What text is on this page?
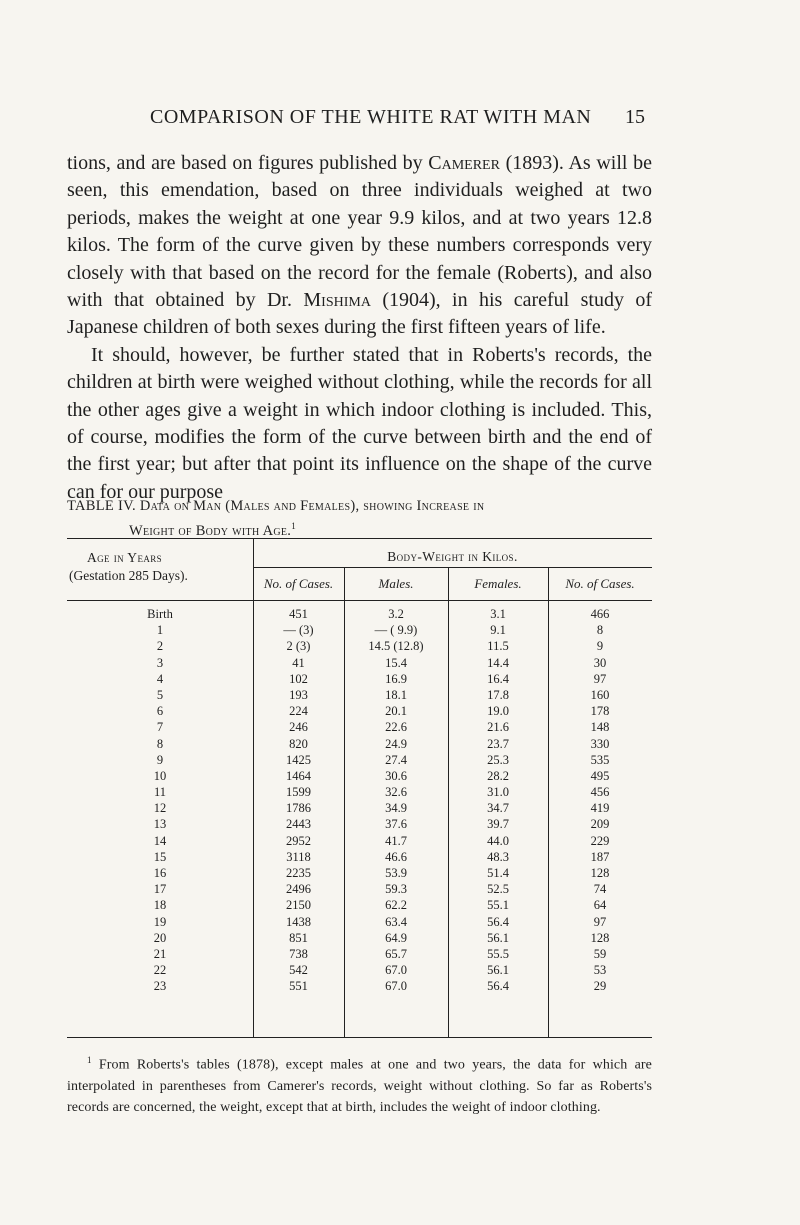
COMPARISON OF THE WHITE RAT WITH MAN 15

tions, and are based on figures published by Camerer (1893). As will be seen, this emendation, based on three individuals weighed at two periods, makes the weight at one year 9.9 kilos, and at two years 12.8 kilos. The form of the curve given by these numbers corresponds very closely with that based on the record for the female (Roberts), and also with that obtained by Dr. Mishima (1904), in his careful study of Japanese children of both sexes during the first fifteen years of life.

It should, however, be further stated that in Roberts's records, the children at birth were weighed without clothing, while the records for all the other ages give a weight in which indoor clothing is included. This, of course, modifies the form of the curve between birth and the end of the first year; but after that point its influence on the shape of the curve can for our purpose

TABLE IV. Data on Man (Males and Females), showing Increase in
Weight of Body with Age.$^1$
Age in Years
(Gestation 285 Days).
Body-Weight in Kilos.
No. of Cases.	Males.	Females.	No. of Cases.
Birth	451	3.2	3.1	466
1	— (3)	— ( 9.9)	9.1	8
2	2 (3)	14.5 (12.8)	11.5	9
3	41	15.4	14.4	30
4	102	16.9	16.4	97
5	193	18.1	17.8	160
6	224	20.1	19.0	178
7	246	22.6	21.6	148
8	820	24.9	23.7	330
9	1425	27.4	25.3	535
10	1464	30.6	28.2	495
11	1599	32.6	31.0	456
12	1786	34.9	34.7	419
13	2443	37.6	39.7	209
14	2952	41.7	44.0	229
15	3118	46.6	48.3	187
16	2235	53.9	51.4	128
17	2496	59.3	52.5	74
18	2150	62.2	55.1	64
19	1438	63.4	56.4	97
20	851	64.9	56.1	128
21	738	65.7	55.5	59
22	542	67.0	56.1	53
23	551	67.0	56.4	29
$^1$ From Roberts's tables (1878), except males at one and two years, the data for which are interpolated in parentheses from Camerer's records, weight without clothing. So far as Roberts's records are concerned, the weight, except that at birth, includes the weight of indoor clothing.
